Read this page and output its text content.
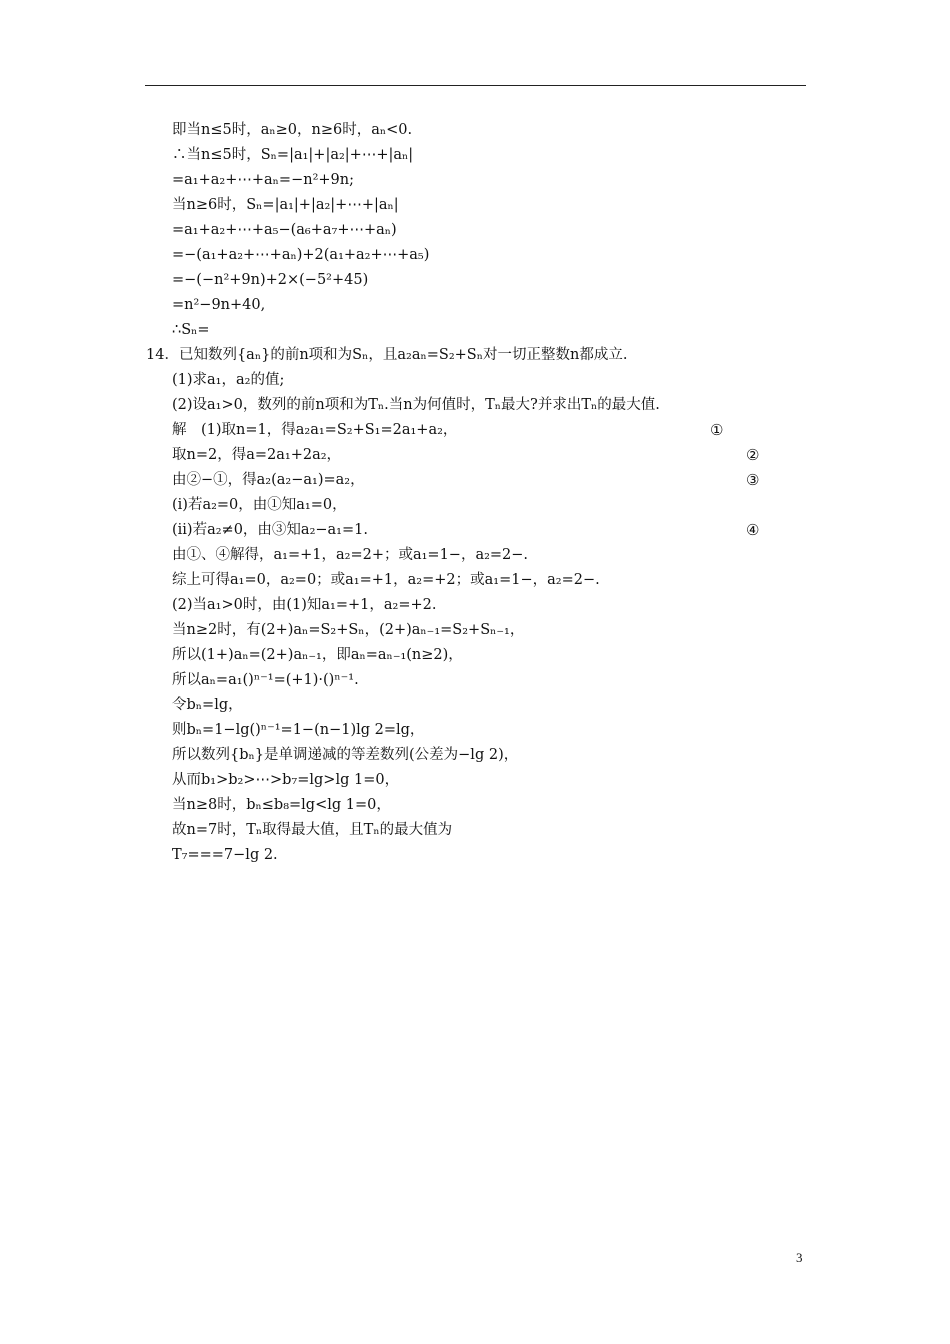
即当n≤5时，aₙ≥0，n≥6时，aₙ<0.
∴当n≤5时，Sₙ=|a₁|+|a₂|+⋯+|aₙ|
=a₁+a₂+⋯+aₙ=−n²+9n;
当n≥6时，Sₙ=|a₁|+|a₂|+⋯+|aₙ|
=a₁+a₂+⋯+a₅−(a₆+a₇+⋯+aₙ)
=−(a₁+a₂+⋯+aₙ)+2(a₁+a₂+⋯+a₅)
=−(−n²+9n)+2×(−5²+45)
=n²−9n+40,
∴Sₙ=
14．已知数列{aₙ}的前n项和为Sₙ，且a₂aₙ=S₂+Sₙ对一切正整数n都成立.
(1)求a₁，a₂的值;
(2)设a₁>0，数列的前n项和为Tₙ.当n为何值时，Tₙ最大?并求出Tₙ的最大值.
解　(1)取n=1，得a₂a₁=S₂+S₁=2a₁+a₂，
取n=2，得a=2a₁+2a₂，
由②−①，得a₂(a₂−a₁)=a₂，
(i)若a₂=0，由①知a₁=0，
(ii)若a₂≠0，由③知a₂−a₁=1.
由①、④解得，a₁=+1，a₂=2+；或a₁=1−，a₂=2−.
综上可得a₁=0，a₂=0；或a₁=+1，a₂=+2；或a₁=1−，a₂=2−.
(2)当a₁>0时，由(1)知a₁=+1，a₂=+2.
当n≥2时，有(2+)aₙ=S₂+Sₙ，(2+)aₙ₋₁=S₂+Sₙ₋₁，
所以(1+)aₙ=(2+)aₙ₋₁，即aₙ=aₙ₋₁(n≥2)，
所以aₙ=a₁()ⁿ⁻¹=(+1)·()ⁿ⁻¹.
令bₙ=lg，
则bₙ=1−lg()ⁿ⁻¹=1−(n−1)lg 2=lg，
所以数列{bₙ}是单调递减的等差数列(公差为−lg 2)，
从而b₁>b₂>⋯>b₇=lg>lg 1=0，
当n≥8时，bₙ≤b₈=lg<lg 1=0，
故n=7时，Tₙ取得最大值，且Tₙ的最大值为
T₇===7−lg 2.
①
②
③
④
3
